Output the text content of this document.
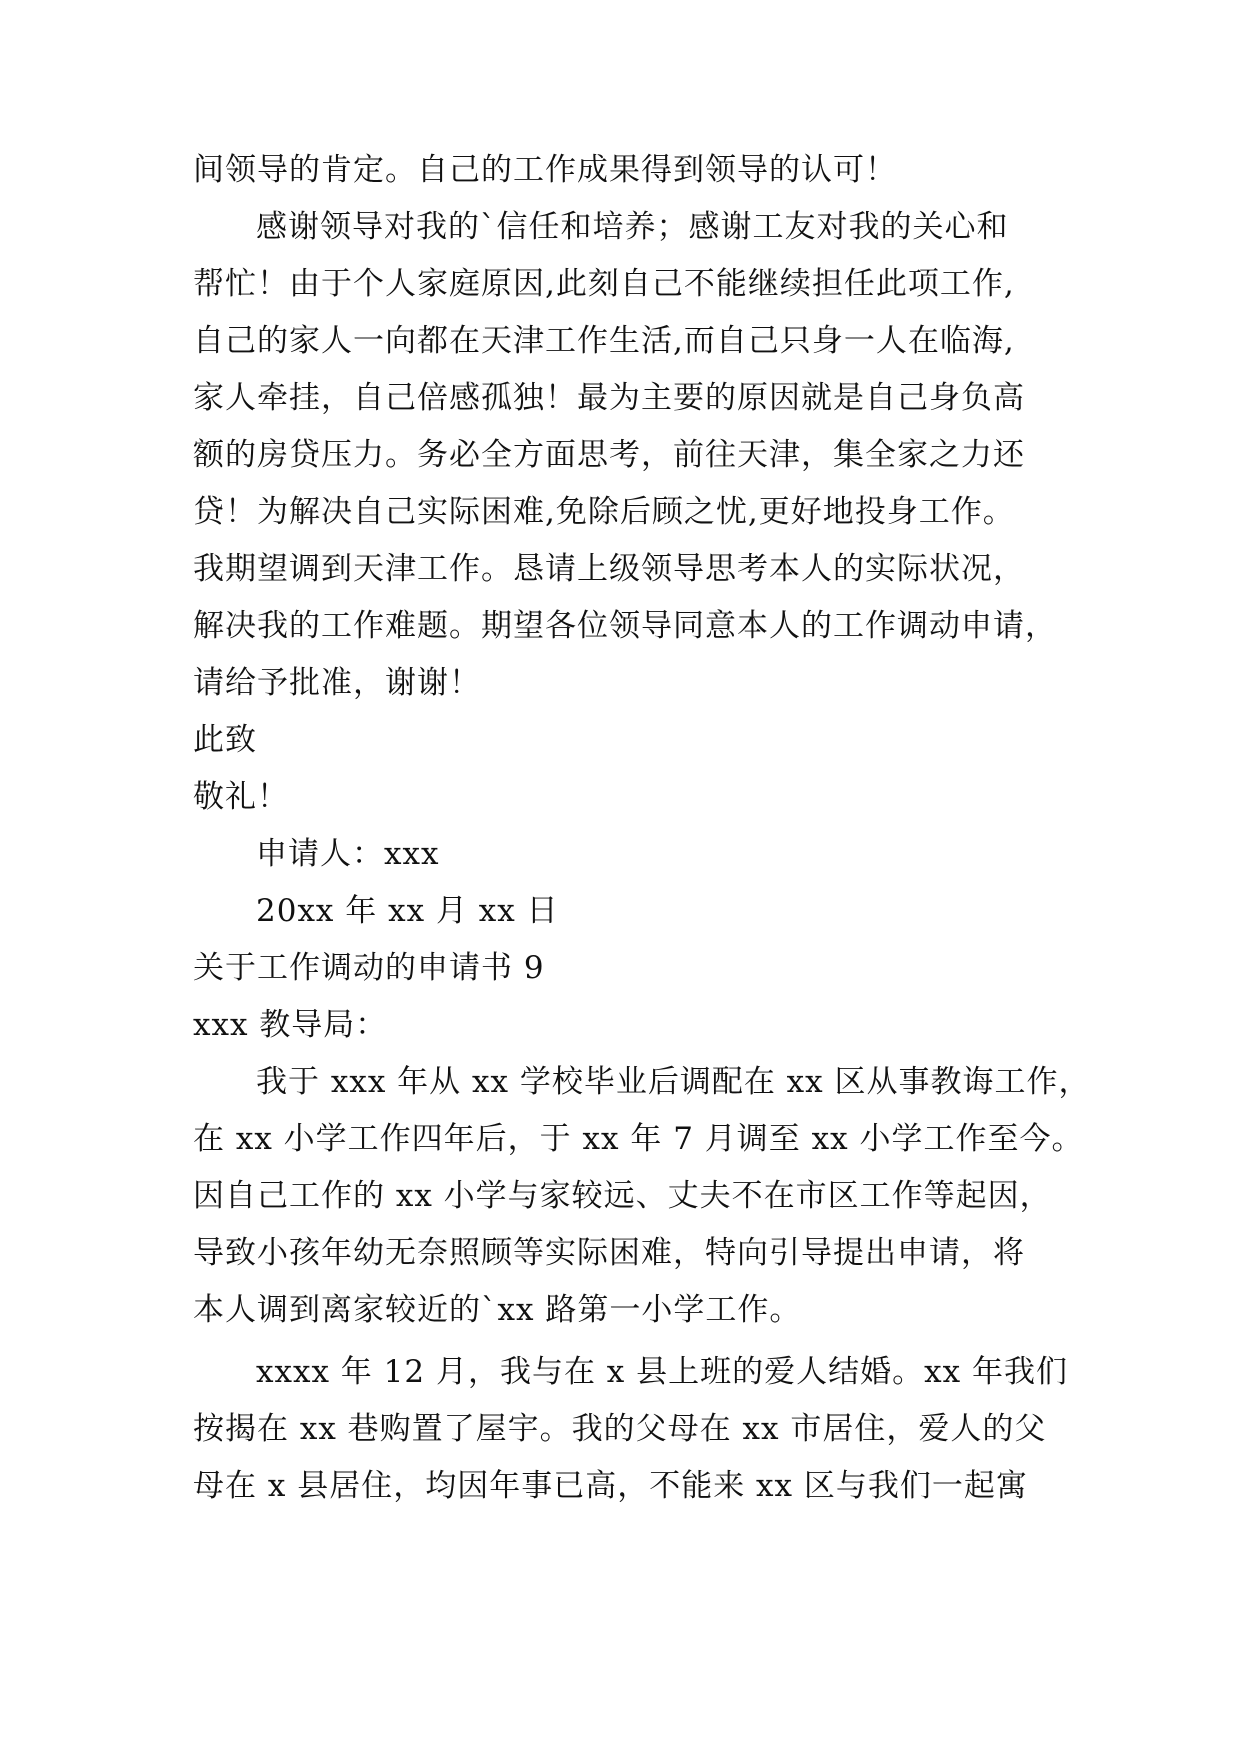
间领导的肯定。自己的工作成果得到领导的认可！
感谢领导对我的`信任和培养；感谢工友对我的关心和
帮忙！由于个人家庭原因,此刻自己不能继续担任此项工作,
自己的家人一向都在天津工作生活,而自己只身一人在临海,
家人牵挂，自己倍感孤独！最为主要的原因就是自己身负高
额的房贷压力。务必全方面思考，前往天津，集全家之力还
贷！为解决自己实际困难,免除后顾之忧,更好地投身工作。
我期望调到天津工作。恳请上级领导思考本人的实际状况，
解决我的工作难题。期望各位领导同意本人的工作调动申请，
请给予批准，谢谢！
此致
敬礼！
申请人：xxx
20xx 年 xx 月 xx 日
关于工作调动的申请书 9
xxx 教导局：
我于 xxx 年从 xx 学校毕业后调配在 xx 区从事教诲工作，
在 xx 小学工作四年后，于 xx 年 7 月调至 xx 小学工作至今。
因自己工作的 xx 小学与家较远、丈夫不在市区工作等起因，
导致小孩年幼无奈照顾等实际困难，特向引导提出申请，将
本人调到离家较近的`xx 路第一小学工作。
xxxx 年 12 月，我与在 x 县上班的爱人结婚。xx 年我们
按揭在 xx 巷购置了屋宇。我的父母在 xx 市居住，爱人的父
母在 x 县居住，均因年事已高，不能来 xx 区与我们一起寓
